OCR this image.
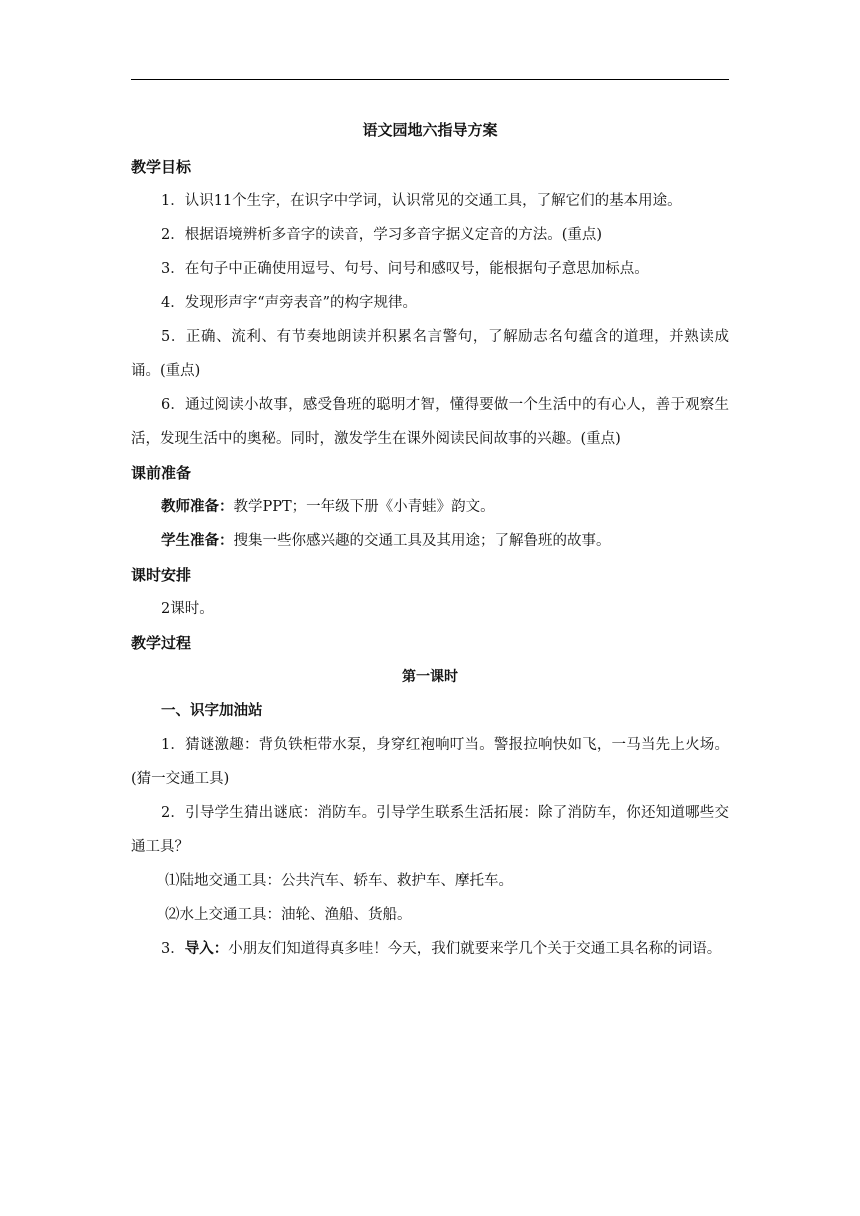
语文园地六指导方案
教学目标

1．认识11个生字，在识字中学词，认识常见的交通工具，了解它们的基本用途。

2．根据语境辨析多音字的读音，学习多音字据义定音的方法。(重点)

3．在句子中正确使用逗号、句号、问号和感叹号，能根据句子意思加标点。

4．发现形声字“声旁表音”的构字规律。

5．正确、流利、有节奏地朗读并积累名言警句，了解励志名句蕴含的道理，并熟读成诵。(重点)

6．通过阅读小故事，感受鲁班的聪明才智，懂得要做一个生活中的有心人，善于观察生活，发现生活中的奥秘。同时，激发学生在课外阅读民间故事的兴趣。(重点)

课前准备

教师准备：教学PPT；一年级下册《小青蛙》韵文。

学生准备：搜集一些你感兴趣的交通工具及其用途；了解鲁班的故事。

课时安排

2课时。

教学过程
第一课时

一、识字加油站

1．猜谜激趣：背负铁柜带水泵，身穿红袍响叮当。警报拉响快如飞，一马当先上火场。(猜一交通工具)

2．引导学生猜出谜底：消防车。引导学生联系生活拓展：除了消防车，你还知道哪些交通工具？

⑴陆地交通工具：公共汽车、轿车、救护车、摩托车。

⑵水上交通工具：油轮、渔船、货船。

3．导入：小朋友们知道得真多哇！今天，我们就要来学几个关于交通工具名称的词语。
